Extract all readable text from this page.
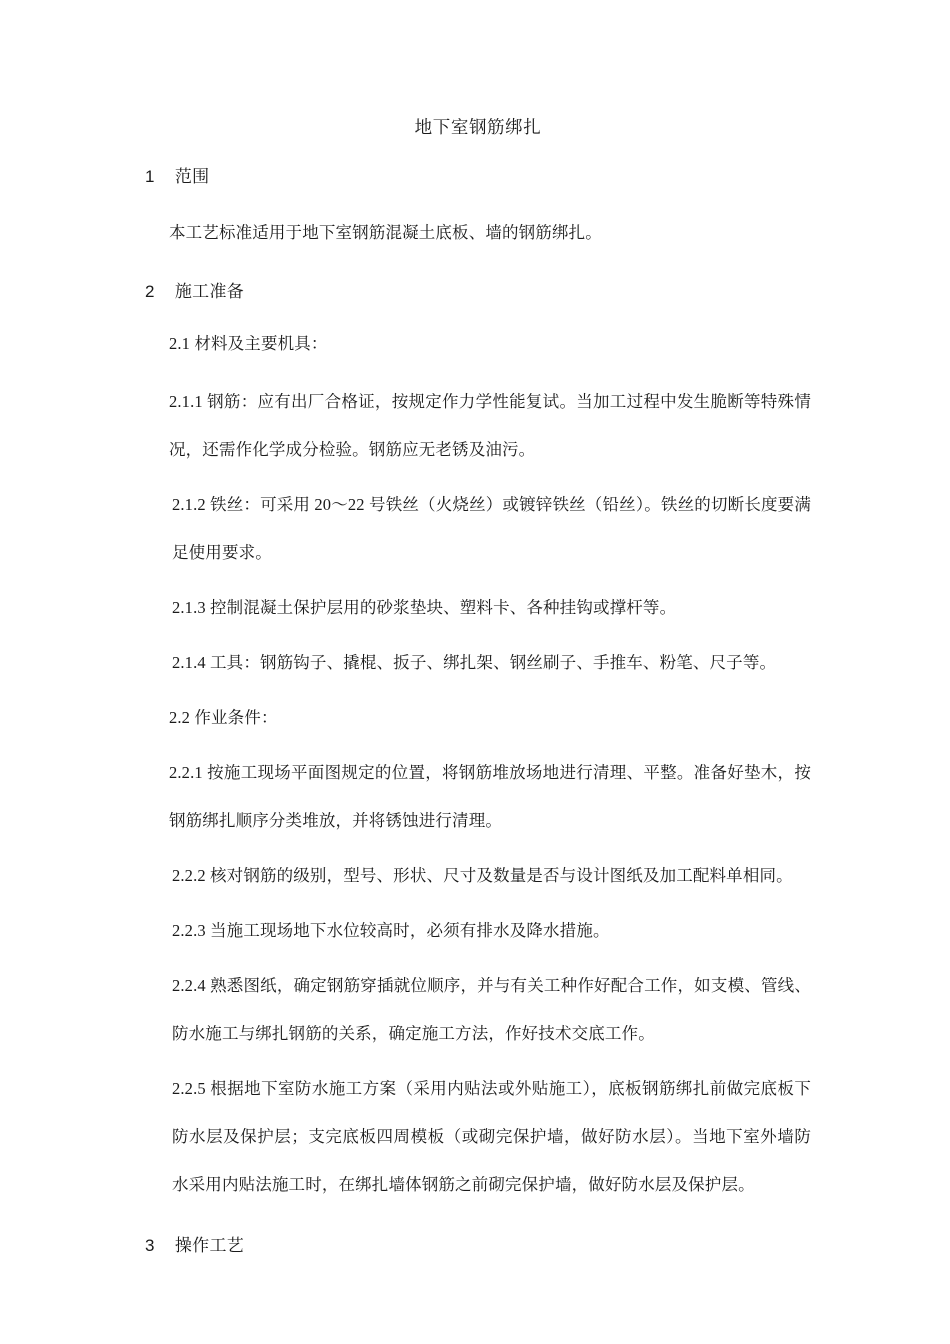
地下室钢筋绑扎
1    范围

本工艺标准适用于地下室钢筋混凝土底板、墙的钢筋绑扎。

2    施工准备

2.1 材料及主要机具：

2.1.1 钢筋：应有出厂合格证，按规定作力学性能复试。当加工过程中发生脆断等特殊情况，还需作化学成分检验。钢筋应无老锈及油污。

2.1.2 铁丝：可采用 20～22 号铁丝（火烧丝）或镀锌铁丝（铅丝）。铁丝的切断长度要满足使用要求。

2.1.3 控制混凝土保护层用的砂浆垫块、塑料卡、各种挂钩或撑杆等。

2.1.4 工具：钢筋钩子、撬棍、扳子、绑扎架、钢丝刷子、手推车、粉笔、尺子等。

2.2 作业条件：

2.2.1 按施工现场平面图规定的位置，将钢筋堆放场地进行清理、平整。准备好垫木，按钢筋绑扎顺序分类堆放，并将锈蚀进行清理。

2.2.2 核对钢筋的级别，型号、形状、尺寸及数量是否与设计图纸及加工配料单相同。

2.2.3 当施工现场地下水位较高时，必须有排水及降水措施。

2.2.4 熟悉图纸，确定钢筋穿插就位顺序，并与有关工种作好配合工作，如支模、管线、防水施工与绑扎钢筋的关系，确定施工方法，作好技术交底工作。

2.2.5 根据地下室防水施工方案（采用内贴法或外贴施工），底板钢筋绑扎前做完底板下防水层及保护层；支完底板四周模板（或砌完保护墙，做好防水层）。当地下室外墙防水采用内贴法施工时，在绑扎墙体钢筋之前砌完保护墙，做好防水层及保护层。

3    操作工艺
